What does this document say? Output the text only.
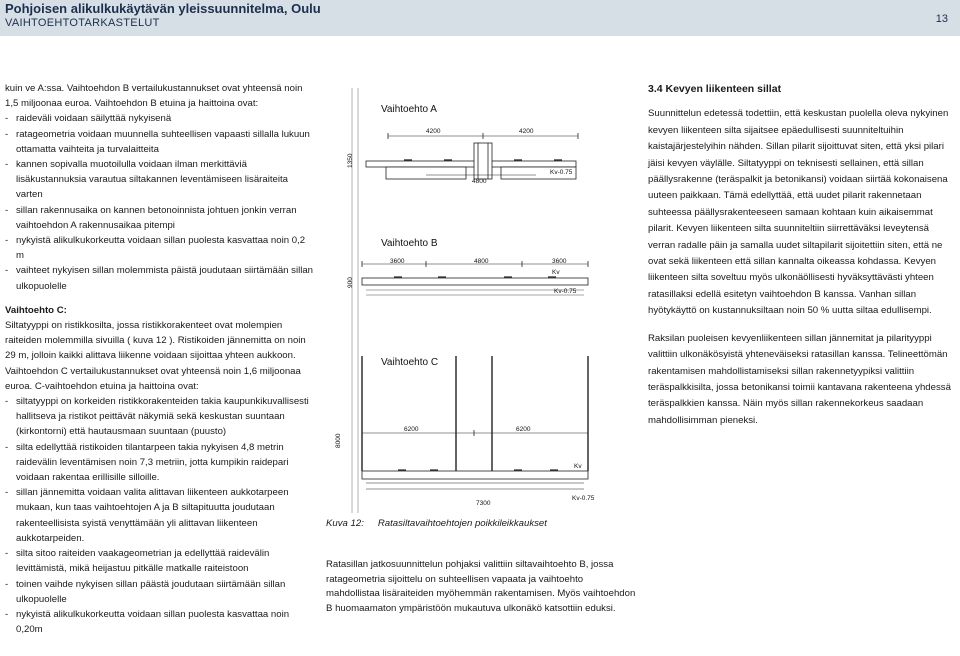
Pohjoisen alikulkukäytävän yleissuunnitelma, Oulu
VAIHTOEHTOTARKASTELUT	13

kuin ve A:ssa. Vaihtoehdon B vertailukustannukset ovat yhteensä noin 1,5 miljoonaa euroa. Vaihtoehdon B etuina ja haittoina ovat:

- raideväli voidaan säilyttää nykyisenä
- ratageometria voidaan muunnella suhteellisen vapaasti sillalla lukuun ottamatta vaihteita ja turvalaitteita
- kannen sopivalla muotoilulla voidaan ilman merkittäviä lisäkustannuksia varautua siltakannen leventämiseen lisäraiteita varten
- sillan rakennusaika on kannen betonoinnista johtuen jonkin verran vaihtoehdon A rakennusaikaa pitempi
- nykyistä alikulkukorkeutta voidaan sillan puolesta kasvattaa noin 0,2 m
- vaihteet nykyisen sillan molemmista päistä joudutaan siirtämään sillan ulkopuolelle

Vaihtoehto C:

Siltatyyppi on ristikkosilta, jossa ristikkorakenteet ovat molempien raiteiden molemmilla sivuilla ( kuva 12 ). Ristikoiden jännemitta on noin 29 m, jolloin kaikki alittava liikenne voidaan sijoittaa yhteen aukkoon. Vaihtoehdon C vertailukustannukset ovat yhteensä noin 1,6 miljoonaa euroa. C-vaihtoehdon etuina ja haittoina ovat:

- siltatyyppi on korkeiden ristikkorakenteiden takia kaupunkikuvallisesti hallitseva ja ristikot peittävät näkymiä sekä keskustan suuntaan (kirkontorni) että hautausmaan suuntaan (puusto)
- silta edellyttää ristikoiden tilantarpeen takia nykyisen 4,8 metrin raidevälin leventämisen noin 7,3 metriin, jotta kumpikin raidepari voidaan rakentaa erillisille silloille.
- sillan jännemitta voidaan valita alittavan liikenteen aukkotarpeen mukaan, kun taas vaihtoehtojen A ja B siltapituutta joudutaan rakenteellisista syistä venyttämään yli alittavan liikenteen aukkotarpeiden.
- silta sitoo raiteiden vaakageometrian ja edellyttää raidevälin levittämistä, mikä heijastuu pitkälle matkalle raiteistoon
- toinen vaihde nykyisen sillan päästä joudutaan siirtämään sillan ulkopuolelle
- nykyistä alikulkukorkeutta voidaan sillan puolesta kasvattaa noin 0,20m
Vaihtoehto A
4200	4200
4800
1350
Kv-0.75
Vaihtoehto B
3600	4800	3600
900
Kv
Kv-0.75
Vaihtoehto C
6200	6200
7300
8000
Kv
Kv-0.75
Kuva 12: Ratasiltavaihtoehtojen poikkileikkaukset

Ratasillan jatkosuunnittelun pohjaksi valittiin siltavaihtoehto B, jossa ratageometria sijoittelu on suhteellisen vapaata ja vaihtoehto mahdollistaa lisäraiteiden myöhemmän rakentamisen. Myös vaihtoehdon B huomaamaton ympäristöön mukautuva ulkonäkö katsottiin eduksi.

3.4 Kevyen liikenteen sillat

Suunnittelun edetessä todettiin, että keskustan puolella oleva nykyinen kevyen liikenteen silta sijaitsee epäedullisesti suunniteltuihin kaistajärjestelyihin nähden. Sillan pilarit sijoittuvat siten, että yksi pilari jäisi kevyen väylälle. Siltatyyppi on teknisesti sellainen, että sillan päällysrakenne (teräspalkit ja betonikansi) voidaan siirtää kokonaisena uuteen paikkaan. Tämä edellyttää, että uudet pilarit rakennetaan suhteessa päällysrakenteeseen samaan kohtaan kuin aikaisemmat pilarit. Kevyen liikenteen silta suunniteltiin siirrettäväksi leveytensä verran radalle päin ja samalla uudet siltapilarit sijoitettiin siten, että ne ovat sekä liikenteen että sillan kannalta oikeassa kohdassa. Kevyen liikenteen silta soveltuu myös ulkonäöllisesti hyväksyttävästi yhteen ratasillaksi edellä esitetyn vaihtoehdon B kanssa. Vanhan sillan hyötykäyttö on kustannuksiltaan noin 50 % uutta siltaa edullisempi.

Raksilan puoleisen kevyenliikenteen sillan jännemitat ja pilarityyppi valittiin ulkonäkösyistä yhteneväiseksi ratasillan kanssa. Telineettömän rakentamisen mahdollistamiseksi sillan rakennetyypiksi valittiin teräspalkkisilta, jossa betonikansi toimii kantavana rakenteena yhdessä teräspalkkien kanssa. Näin myös sillan rakennekorkeus saadaan mahdollisimman pieneksi.
